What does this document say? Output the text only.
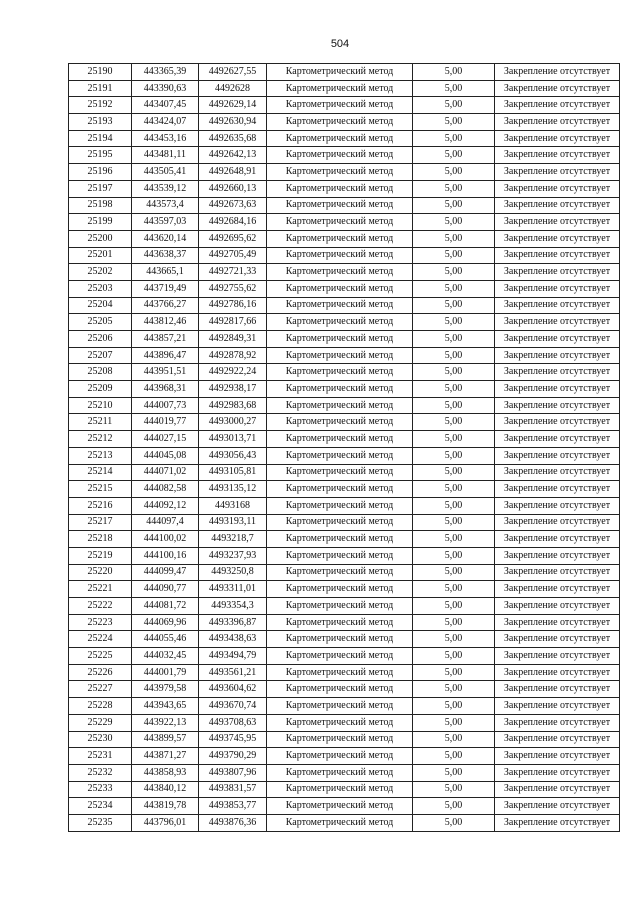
504
25190	443365,39	4492627,55	Картометрический метод	5,00	Закрепление отсутствует
25191	443390,63	4492628	Картометрический метод	5,00	Закрепление отсутствует
25192	443407,45	4492629,14	Картометрический метод	5,00	Закрепление отсутствует
25193	443424,07	4492630,94	Картометрический метод	5,00	Закрепление отсутствует
25194	443453,16	4492635,68	Картометрический метод	5,00	Закрепление отсутствует
25195	443481,11	4492642,13	Картометрический метод	5,00	Закрепление отсутствует
25196	443505,41	4492648,91	Картометрический метод	5,00	Закрепление отсутствует
25197	443539,12	4492660,13	Картометрический метод	5,00	Закрепление отсутствует
25198	443573,4	4492673,63	Картометрический метод	5,00	Закрепление отсутствует
25199	443597,03	4492684,16	Картометрический метод	5,00	Закрепление отсутствует
25200	443620,14	4492695,62	Картометрический метод	5,00	Закрепление отсутствует
25201	443638,37	4492705,49	Картометрический метод	5,00	Закрепление отсутствует
25202	443665,1	4492721,33	Картометрический метод	5,00	Закрепление отсутствует
25203	443719,49	4492755,62	Картометрический метод	5,00	Закрепление отсутствует
25204	443766,27	4492786,16	Картометрический метод	5,00	Закрепление отсутствует
25205	443812,46	4492817,66	Картометрический метод	5,00	Закрепление отсутствует
25206	443857,21	4492849,31	Картометрический метод	5,00	Закрепление отсутствует
25207	443896,47	4492878,92	Картометрический метод	5,00	Закрепление отсутствует
25208	443951,51	4492922,24	Картометрический метод	5,00	Закрепление отсутствует
25209	443968,31	4492938,17	Картометрический метод	5,00	Закрепление отсутствует
25210	444007,73	4492983,68	Картометрический метод	5,00	Закрепление отсутствует
25211	444019,77	4493000,27	Картометрический метод	5,00	Закрепление отсутствует
25212	444027,15	4493013,71	Картометрический метод	5,00	Закрепление отсутствует
25213	444045,08	4493056,43	Картометрический метод	5,00	Закрепление отсутствует
25214	444071,02	4493105,81	Картометрический метод	5,00	Закрепление отсутствует
25215	444082,58	4493135,12	Картометрический метод	5,00	Закрепление отсутствует
25216	444092,12	4493168	Картометрический метод	5,00	Закрепление отсутствует
25217	444097,4	4493193,11	Картометрический метод	5,00	Закрепление отсутствует
25218	444100,02	4493218,7	Картометрический метод	5,00	Закрепление отсутствует
25219	444100,16	4493237,93	Картометрический метод	5,00	Закрепление отсутствует
25220	444099,47	4493250,8	Картометрический метод	5,00	Закрепление отсутствует
25221	444090,77	4493311,01	Картометрический метод	5,00	Закрепление отсутствует
25222	444081,72	4493354,3	Картометрический метод	5,00	Закрепление отсутствует
25223	444069,96	4493396,87	Картометрический метод	5,00	Закрепление отсутствует
25224	444055,46	4493438,63	Картометрический метод	5,00	Закрепление отсутствует
25225	444032,45	4493494,79	Картометрический метод	5,00	Закрепление отсутствует
25226	444001,79	4493561,21	Картометрический метод	5,00	Закрепление отсутствует
25227	443979,58	4493604,62	Картометрический метод	5,00	Закрепление отсутствует
25228	443943,65	4493670,74	Картометрический метод	5,00	Закрепление отсутствует
25229	443922,13	4493708,63	Картометрический метод	5,00	Закрепление отсутствует
25230	443899,57	4493745,95	Картометрический метод	5,00	Закрепление отсутствует
25231	443871,27	4493790,29	Картометрический метод	5,00	Закрепление отсутствует
25232	443858,93	4493807,96	Картометрический метод	5,00	Закрепление отсутствует
25233	443840,12	4493831,57	Картометрический метод	5,00	Закрепление отсутствует
25234	443819,78	4493853,77	Картометрический метод	5,00	Закрепление отсутствует
25235	443796,01	4493876,36	Картометрический метод	5,00	Закрепление отсутствует
